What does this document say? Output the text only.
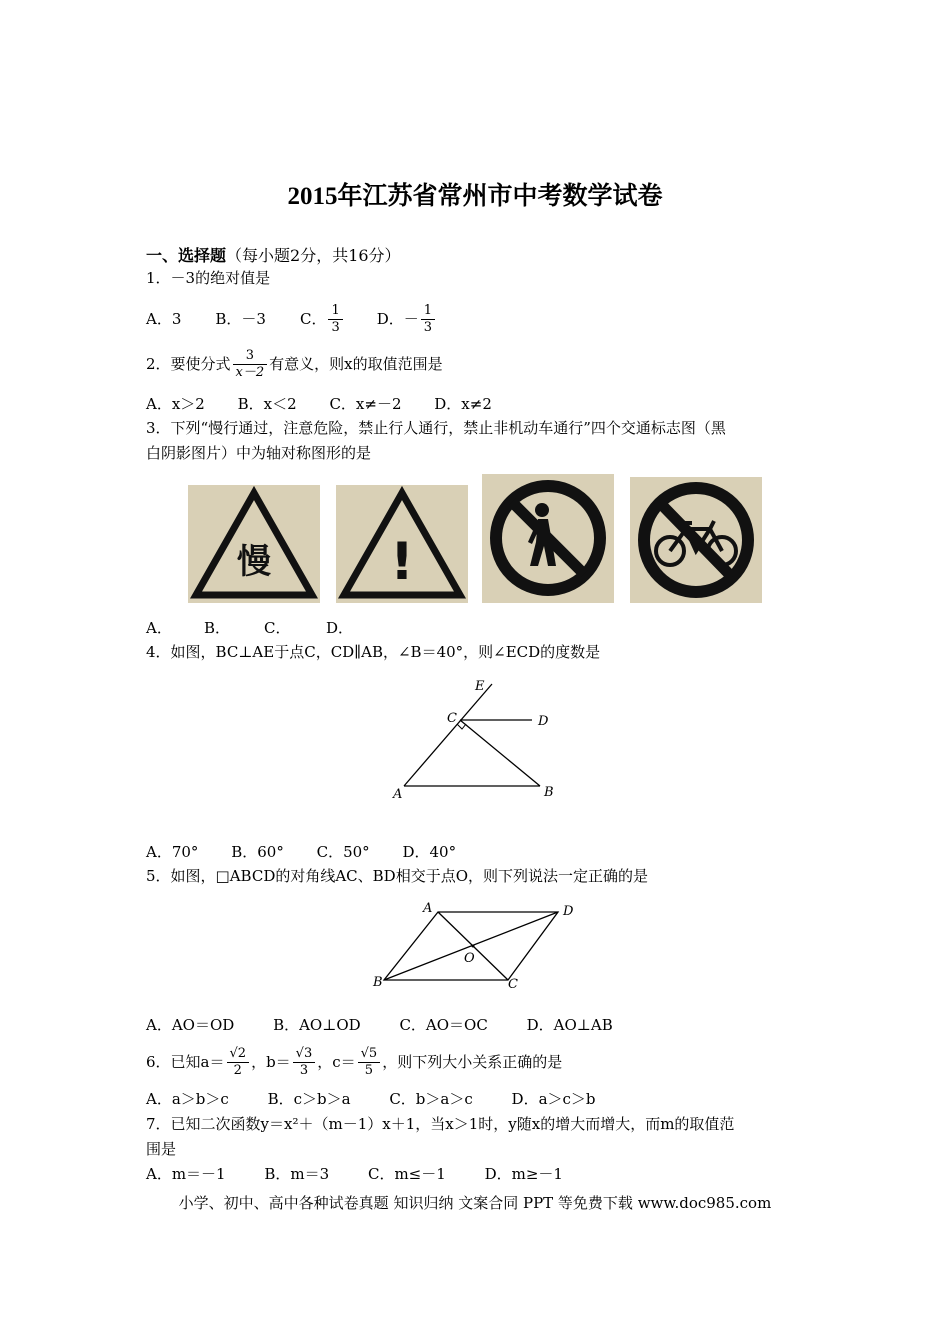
2015年江苏省常州市中考数学试卷
一、选择题（每小题2分，共16分）
1．－3的绝对值是
A．3 B．－3 C． $\frac{1}{3}$ D．－ $\frac{1}{3}$
2．要使分式 $\frac{3}{x-2}$ 有意义，则x的取值范围是
A．x＞2 B．x＜2 C．x≠－2 D．x≠2
3．下列“慢行通过，注意危险，禁止行人通行，禁止非机动车通行”四个交通标志图（黑
白阴影图片）中为轴对称图形的是
慢 !
A． B． C． D．
4．如图，BC⊥AE于点C，CD∥AB，∠B＝40°，则∠ECD的度数是
E
C	D
A	B
A．70° B．60° C．50° D．40°
5．如图，□ABCD的对角线AC、BD相交于点O，则下列说法一定正确的是
A	D
O
B	C
A．AO＝OD	B．AO⊥OD	C．AO＝OC	D．AO⊥AB
6．已知$a= \frac{√2}{2}$ ，$b= \frac{√3}{3}$ ，$c= \frac{√5}{5}$ ，则下列大小关系正确的是
A．a＞b＞c	B．c＞b＞a	C．b＞a＞c	D．a＞c＞b
7．已知二次函数y＝x²＋（m－1）x＋1，当x＞1时，y随x的增大而增大，而m的取值范
围是
A．m＝－1	B．m＝3	C．m≤－1	D．m≥－1
小学、初中、高中各种试卷真题 知识归纳 文案合同 PPT 等免费下载 www.doc985.com
